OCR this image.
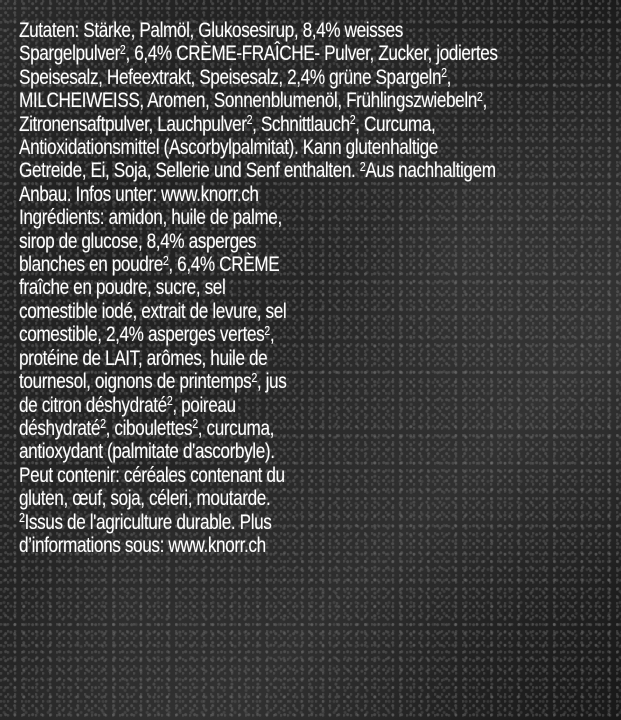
Zutaten: Stärke, Palmöl, Glukosesirup, 8,4% weisses
Spargelpulver$^2$, 6,4% CRÈME-FRAÎCHE- Pulver, Zucker, jodiertes
Speisesalz, Hefeextrakt, Speisesalz, 2,4% grüne Spargeln$^2$,
MILCHEIWEISS, Aromen, Sonnenblumenöl, Frühlingszwiebeln$^2$,
Zitronensaftpulver, Lauchpulver$^2$, Schnittlauch$^2$, Curcuma,
Antioxidationsmittel (Ascorbylpalmitat). Kann glutenhaltige
Getreide, Ei, Soja, Sellerie und Senf enthalten. $^2$Aus nachhaltigem
Anbau. Infos unter: www.knorr.ch
Ingrédients: amidon, huile de palme,
sirop de glucose, 8,4% asperges
blanches en poudre$^2$, 6,4% CRÈME
fraîche en poudre, sucre, sel
comestible iodé, extrait de levure, sel
comestible, 2,4% asperges vertes$^2$,
protéine de LAIT, arômes, huile de
tournesol, oignons de printemps$^2$, jus
de citron déshydraté$^2$, poireau
déshydraté$^2$, ciboulettes$^2$, curcuma,
antioxydant (palmitate d'ascorbyle).
Peut contenir: céréales contenant du
gluten, œuf, soja, céleri, moutarde.
$^2$Issus de l'agriculture durable. Plus
d’informations sous: www.knorr.ch
